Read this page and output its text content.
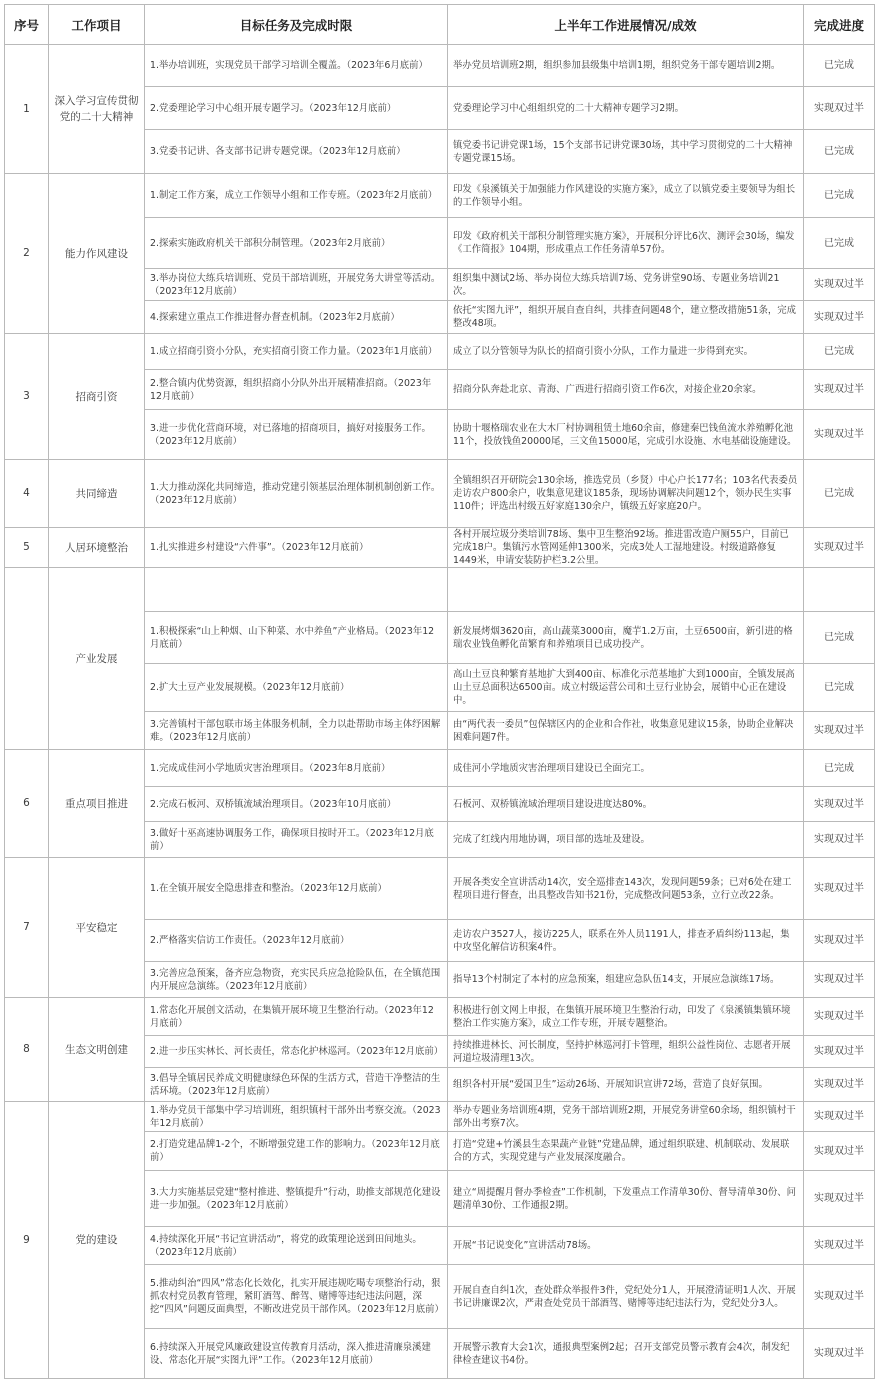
序号	工作项目	目标任务及完成时限	上半年工作进展情况/成效	完成进度
1	深入学习宣传贯彻党的二十大精神	1.举办培训班，实现党员干部学习培训全覆盖。（2023年6月底前）	举办党员培训班2期，组织参加县级集中培训1期，组织党务干部专题培训2期。	已完成
		2.党委理论学习中心组开展专题学习。（2023年12月底前）	党委理论学习中心组组织党的二十大精神专题学习2期。	实现双过半
		3.党委书记讲、各支部书记讲专题党课。（2023年12月底前）	镇党委书记讲党课1场，15个支部书记讲党课30场，其中学习贯彻党的二十大精神专题党课15场。	已完成
2	能力作风建设	1.制定工作方案，成立工作领导小组和工作专班。（2023年2月底前）	印发《泉溪镇关于加强能力作风建设的实施方案》，成立了以镇党委主要领导为组长的工作领导小组。	已完成
		2.探索实施政府机关干部积分制管理。（2023年2月底前）	印发《政府机关干部积分制管理实施方案》，开展积分评比6次、测评会30场，编发《工作简报》104期，形成重点工作任务清单57份。	已完成
		3.举办岗位大练兵培训班、党员干部培训班，开展党务大讲堂等活动。（2023年12月底前）	组织集中测试2场、举办岗位大练兵培训7场、党务讲堂90场、专题业务培训21次。	实现双过半
		4.探索建立重点工作推进督办督查机制。（2023年2月底前）	依托“实图九评”，组织开展自查自纠，共排查问题48个，建立整改措施51条，完成整改48项。	实现双过半
3	招商引资	1.成立招商引资小分队，充实招商引资工作力量。（2023年1月底前）	成立了以分管领导为队长的招商引资小分队，工作力量进一步得到充实。	已完成
		2.整合镇内优势资源，组织招商小分队外出开展精准招商。（2023年12月底前）	招商分队奔赴北京、青海、广西进行招商引资工作6次，对接企业20余家。	实现双过半
		3.进一步优化营商环境，对已落地的招商项目，搞好对接服务工作。（2023年12月底前）	协助十堰格瑞农业在大木厂村协调租赁土地60余亩，修建秦巴钱鱼流水养殖孵化池11个，投放钱鱼20000尾，三文鱼15000尾，完成引水设施、水电基础设施建设。	实现双过半
4	共同缔造	1.大力推动深化共同缔造，推动党建引领基层治理体制机制创新工作。（2023年12月底前）	全镇组织召开研院会130余场，推选党员（乡贤）中心户长177名；103名代表委员走访农户800余户，收集意见建议185条，现场协调解决问题12个，领办民生实事110件；评选出村级五好家庭130余户，镇级五好家庭20户。	已完成
5	人居环境整治	1.扎实推进乡村建设“六件事”。（2023年12月底前）	各村开展垃圾分类培训78场、集中卫生整治92场。推进雷改造户厕55户，目前已完成18户。集镇污水管网延伸1300米，完成3处人工湿地建设。村级道路修复1449米，申请安装防护栏3.2公里。	实现双过半
	产业发展			
		1.积极探索“山上种烟、山下种菜、水中养鱼”产业格局。（2023年12月底前）	新发展烤烟3620亩，高山蔬菜3000亩，魔芋1.2万亩，土豆6500亩，新引进的格瑞农业钱鱼孵化苗繁育和养殖项目已成功投产。	已完成
		2.扩大土豆产业发展规模。（2023年12月底前）	高山土豆良种繁育基地扩大到400亩、标准化示范基地扩大到1000亩，全镇发展高山土豆总面积达6500亩。成立村级运营公司和土豆行业协会，展销中心正在建设中。	已完成
		3.完善镇村干部包联市场主体服务机制，全力以赴帮助市场主体纾困解难。（2023年12月底前）	由“两代表一委员”包保辖区内的企业和合作社，收集意见建议15条，协助企业解决困难问题7件。	实现双过半
6	重点项目推进	1.完成成佳河小学地质灾害治理项目。（2023年8月底前）	成佳河小学地质灾害治理项目建设已全面完工。	已完成
		2.完成石板河、双桥镇流域治理项目。（2023年10月底前）	石板河、双桥镇流域治理项目建设进度达80%。	实现双过半
		3.做好十巫高速协调服务工作，确保项目按时开工。（2023年12月底前）	完成了红线内用地协调，项目部的选址及建设。	实现双过半
7	平安稳定	1.在全镇开展安全隐患排查和整治。（2023年12月底前）	开展各类安全宣讲活动14次，安全巡排查143次，发现问题59条；已对6处在建工程项目进行督查，出具整改告知书21份，完成整改问题53条，立行立改22条。	实现双过半
		2.严格落实信访工作责任。（2023年12月底前）	走访农户3527人，接访225人，联系在外人员1191人，排查矛盾纠纷113起，集中攻坚化解信访积案4件。	实现双过半
		3.完善应急预案，备齐应急物资，充实民兵应急抢险队伍，在全镇范围内开展应急演练。（2023年12月底前）	指导13个村制定了本村的应急预案，组建应急队伍14支，开展应急演练17场。	实现双过半
8	生态文明创建	1.常态化开展创文活动，在集镇开展环境卫生整治行动。（2023年12月底前）	积极进行创文网上申报，在集镇开展环境卫生整治行动，印发了《泉溪镇集镇环境整治工作实施方案》，成立工作专班，开展专题整治。	实现双过半
		2.进一步压实林长、河长责任，常态化护林巡河。（2023年12月底前）	持续推进林长、河长制度，坚持护林巡河打卡管理，组织公益性岗位、志愿者开展河道垃圾清理13次。	实现双过半
		3.倡导全镇居民养成文明健康绿色环保的生活方式，营造干净整洁的生活环境。（2023年12月底前）	组织各村开展“爱国卫生”运动26场、开展知识宣讲72场，营造了良好氛围。	实现双过半
9	党的建设	1.举办党员干部集中学习培训班，组织镇村干部外出考察交流。（2023年12月底前）	举办专题业务培训班4期，党务干部培训班2期，开展党务讲堂60余场，组织镇村干部外出考察7次。	实现双过半
		2.打造党建品牌1-2个，不断增强党建工作的影响力。（2023年12月底前）	打造“党建+竹溪县生态果蔬产业链”党建品牌，通过组织联建、机制联动、发展联合的方式，实现党建与产业发展深度融合。	实现双过半
		3.大力实施基层党建“整村推进、整镇提升”行动，助推支部规范化建设进一步加强。（2023年12月底前）	建立“周提醒月督办季检查”工作机制，下发重点工作清单30份、督导清单30份、问题清单30份、工作通报2期。	实现双过半
		4.持续深化开展“书记宣讲活动”，将党的政策理论送到田间地头。（2023年12月底前）	开展“书记说变化”宣讲活动78场。	实现双过半
		5.推动纠治“四风”常态化长效化，扎实开展违规吃喝专项整治行动，狠抓农村党员教育管理，紧盯酒驾、醉驾、赌博等违纪违法问题，深挖“四风”问题反面典型，不断改进党员干部作风。（2023年12月底前）	开展自查自纠1次，查处群众举报件3件，党纪处分1人，开展澄清证明1人次、开展书记讲廉课2次，严肃查处党员干部酒驾、赌博等违纪违法行为，党纪处分3人。	实现双过半
		6.持续深入开展党风廉政建设宣传教育月活动，深入推进清廉泉溪建设、常态化开展“实图九评”工作。（2023年12月底前）	开展警示教育大会1次，通报典型案例2起；召开支部党员警示教育会4次，制发纪律检查建议书4份。	实现双过半
